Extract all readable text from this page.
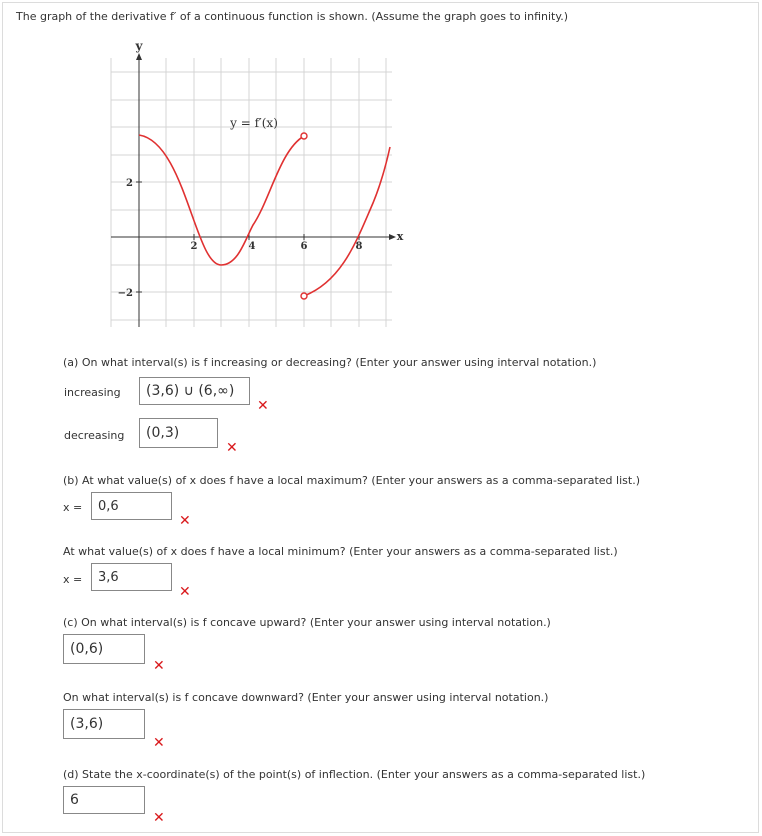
The graph of the derivative f′ of a continuous function is shown. (Assume the graph goes to infinity.)
y
x
y = f′(x)
2	4	6	8
2
−2
(a) On what interval(s) is f increasing or decreasing? (Enter your answer using interval notation.)
increasing	(3,6) ∪ (6,∞)
✕
decreasing	(0,3)
✕
(b) At what value(s) of x does f have a local maximum? (Enter your answers as a comma-separated list.)
x =	0,6
✕
At what value(s) of x does f have a local minimum? (Enter your answers as a comma-separated list.)
x =	3,6
✕
(c) On what interval(s) is f concave upward? (Enter your answer using interval notation.)
(0,6)
✕
On what interval(s) is f concave downward? (Enter your answer using interval notation.)
(3,6)
✕
(d) State the x-coordinate(s) of the point(s) of inflection. (Enter your answers as a comma-separated list.)
6
✕
